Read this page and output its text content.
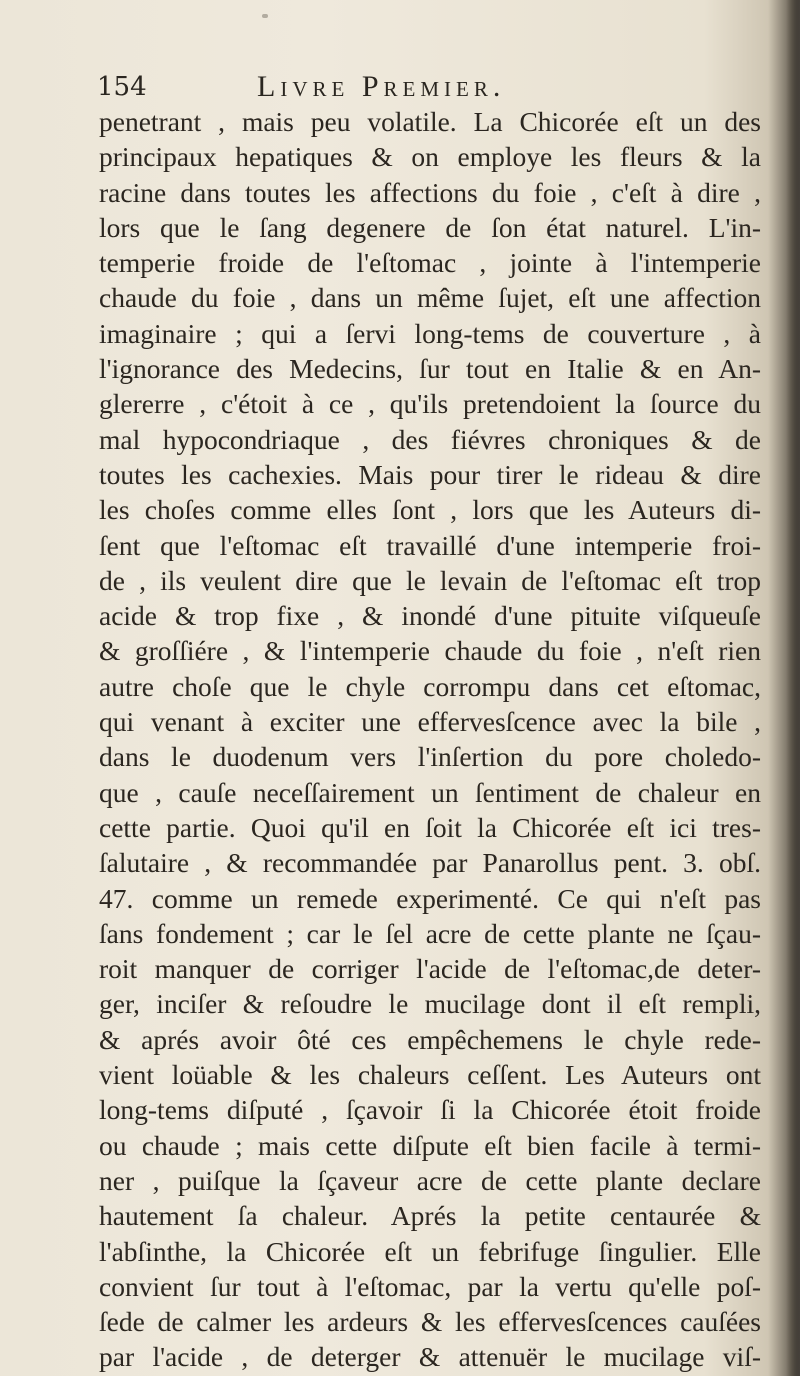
154	Livre Premier.
penetrant , mais peu volatile. La Chicorée eſt un des
principaux hepatiques & on employe les fleurs & la
racine dans toutes les affections du foie , c'eſt à dire ,
lors que le ſang degenere de ſon état naturel. L'in-
temperie froide de l'eſtomac , jointe à l'intemperie
chaude du foie , dans un même ſujet, eſt une affection
imaginaire ; qui a ſervi long-tems de couverture , à
l'ignorance des Medecins, ſur tout en Italie & en An-
glererre , c'étoit à ce , qu'ils pretendoient la ſource du
mal hypocondriaque , des fiévres chroniques & de
toutes les cachexies. Mais pour tirer le rideau & dire
les choſes comme elles ſont , lors que les Auteurs di-
ſent que l'eſtomac eſt travaillé d'une intemperie froi-
de , ils veulent dire que le levain de l'eſtomac eſt trop
acide & trop fixe , & inondé d'une pituite viſqueuſe
& groſſiére , & l'intemperie chaude du foie , n'eſt rien
autre choſe que le chyle corrompu dans cet eſtomac,
qui venant à exciter une effervesſcence avec la bile ,
dans le duodenum vers l'inſertion du pore choledo-
que , cauſe neceſſairement un ſentiment de chaleur en
cette partie. Quoi qu'il en ſoit la Chicorée eſt ici tres-
ſalutaire , & recommandée par Panarollus pent. 3. obſ.
47. comme un remede experimenté. Ce qui n'eſt pas
ſans fondement ; car le ſel acre de cette plante ne ſçau-
roit manquer de corriger l'acide de l'eſtomac,de deter-
ger, inciſer & reſoudre le mucilage dont il eſt rempli,
& aprés avoir ôté ces empêchemens le chyle rede-
vient loüable & les chaleurs ceſſent. Les Auteurs ont
long-tems diſputé , ſçavoir ſi la Chicorée étoit froide
ou chaude ; mais cette diſpute eſt bien facile à termi-
ner , puiſque la ſçaveur acre de cette plante declare
hautement ſa chaleur. Aprés la petite centaurée &
l'abſinthe, la Chicorée eſt un febrifuge ſingulier. Elle
convient ſur tout à l'eſtomac, par la vertu qu'elle poſ-
ſede de calmer les ardeurs & les effervesſcences cauſées
par l'acide , de deterger & attenuër le mucilage viſ-
